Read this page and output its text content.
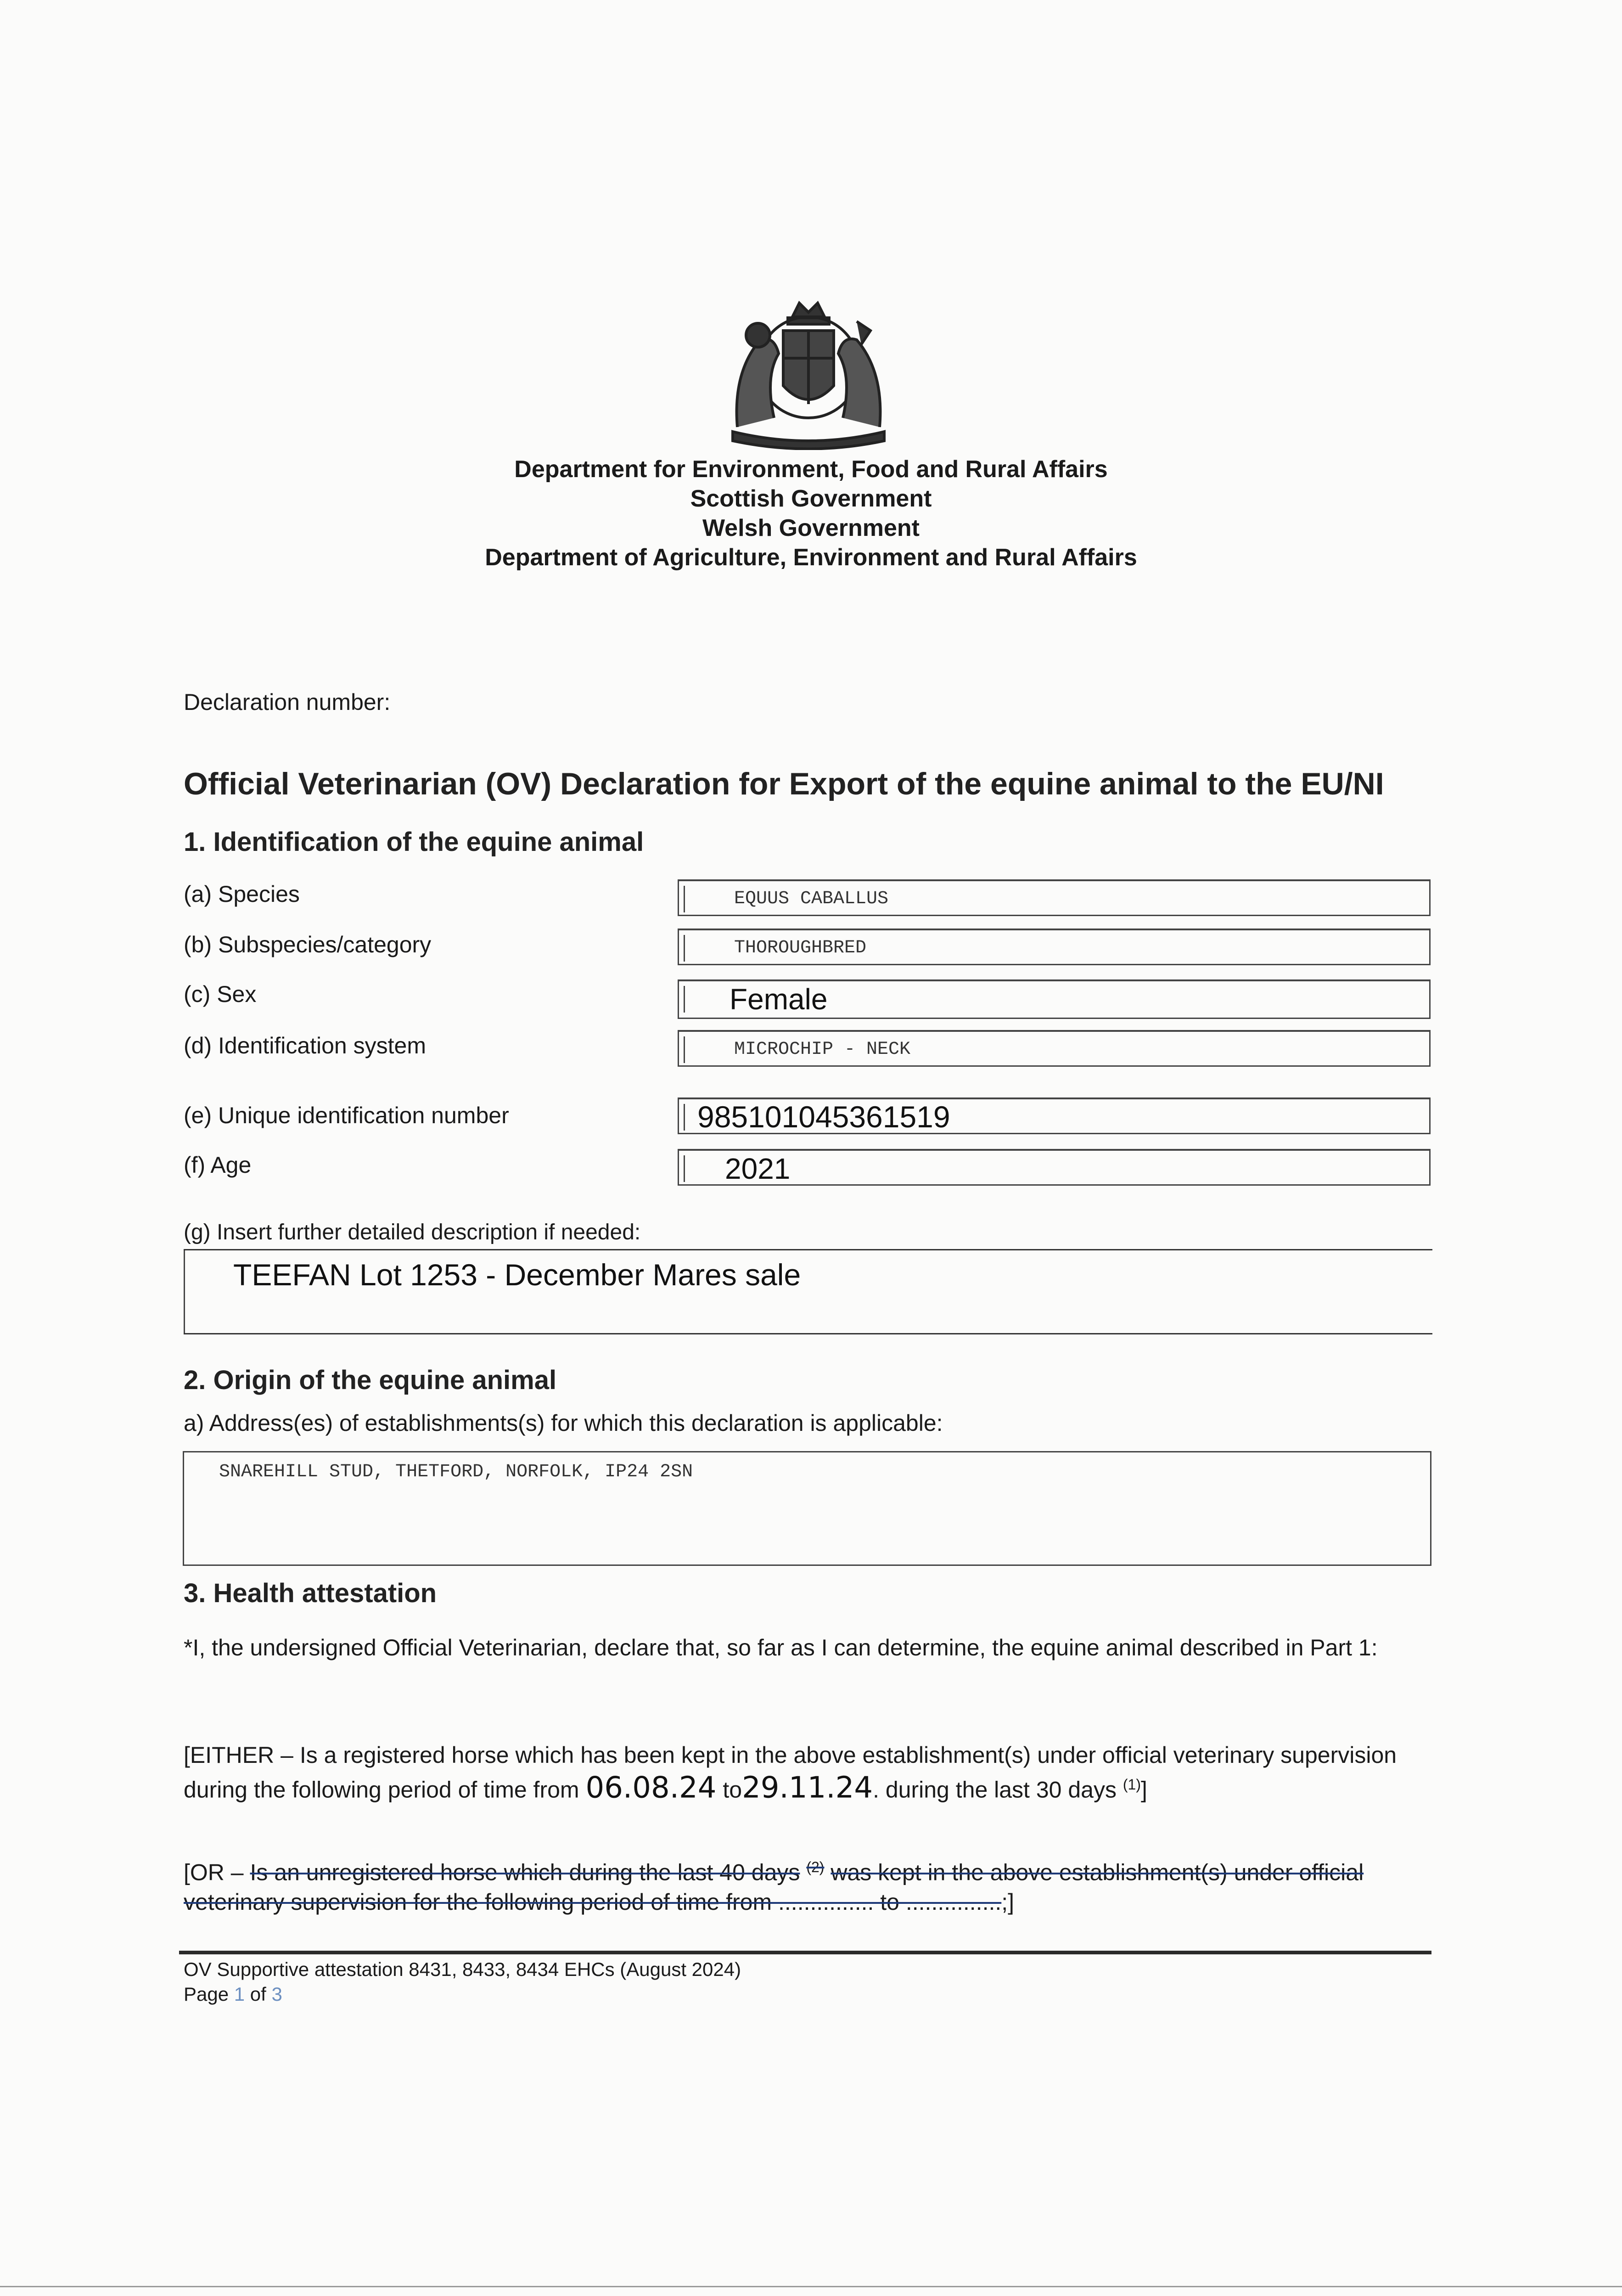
Department for Environment, Food and Rural Affairs
Scottish Government
Welsh Government
Department of Agriculture, Environment and Rural Affairs
Declaration number:
Official Veterinarian (OV) Declaration for Export of the equine animal to the EU/NI
1. Identification of the equine animal
(a) Species	EQUUS CABALLUS
(b) Subspecies/category	THOROUGHBRED
(c) Sex	Female
(d) Identification system	MICROCHIP - NECK
(e) Unique identification number	985101045361519
(f) Age	2021
(g) Insert further detailed description if needed:
TEEFAN Lot 1253 - December Mares sale
2. Origin of the equine animal
a) Address(es) of establishments(s) for which this declaration is applicable:
SNAREHILL STUD, THETFORD, NORFOLK, IP24 2SN
3. Health attestation
*I, the undersigned Official Veterinarian, declare that, so far as I can determine, the equine animal described in Part 1:
[EITHER – Is a registered horse which has been kept in the above establishment(s) under official veterinary supervision during the following period of time from 06.08.24 to29.11.24. during the last 30 days $^{(1)}$]
[OR – Is an unregistered horse which during the last 40 days $^{(2)}$ was kept in the above establishment(s) under official veterinary supervision for the following period of time from ............... to ...............;]
OV Supportive attestation 8431, 8433, 8434 EHCs (August 2024)
Page 1 of 3
